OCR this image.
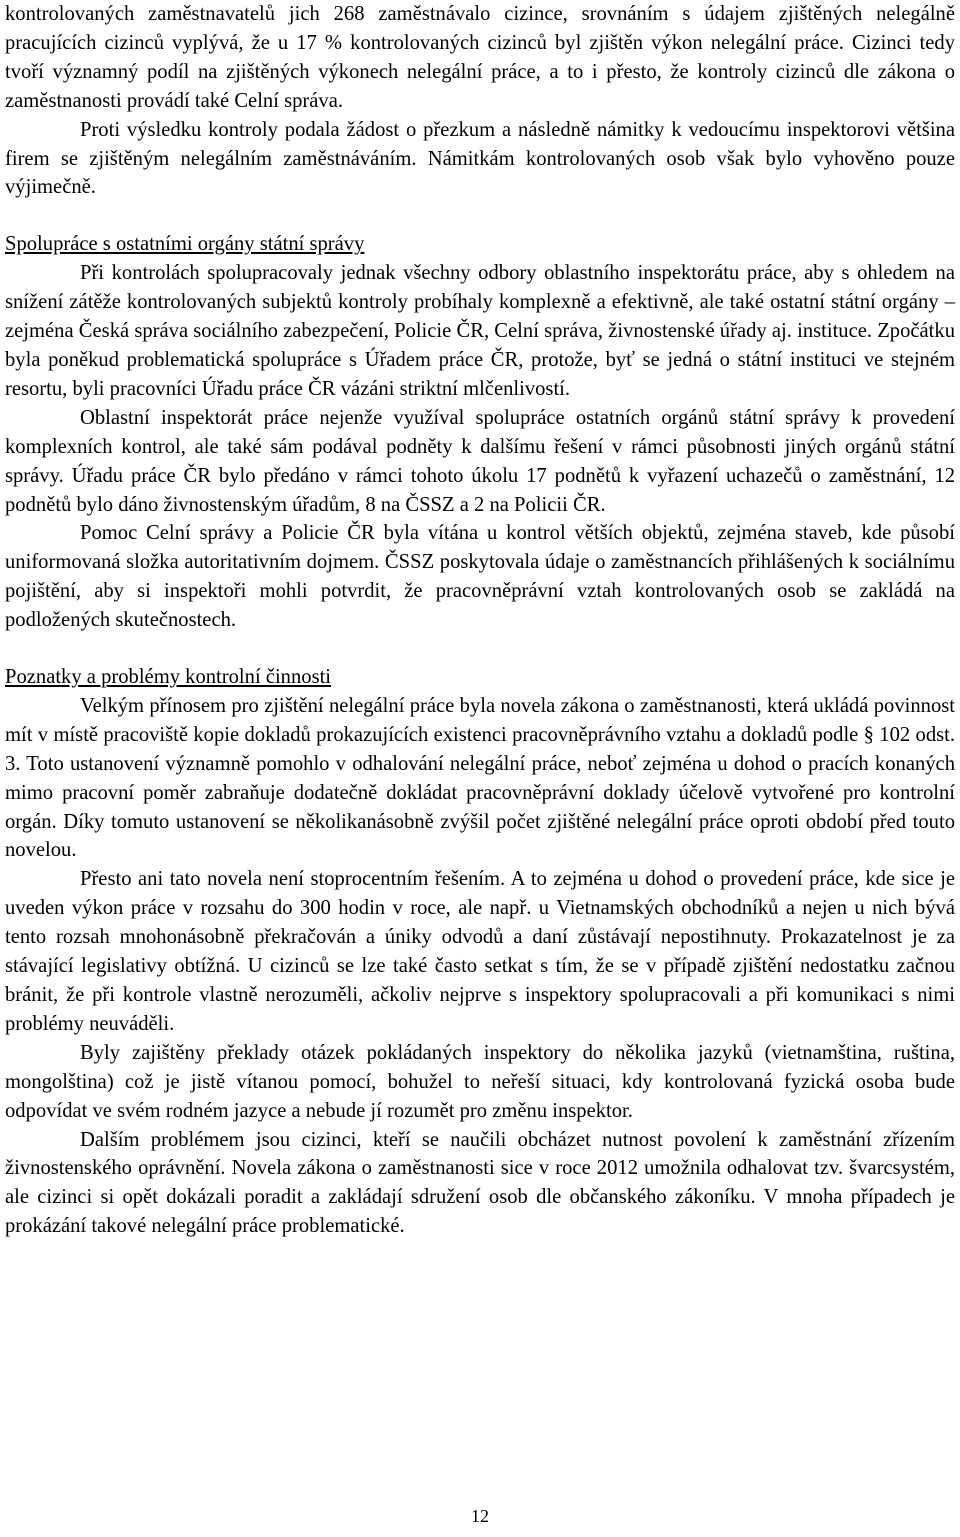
kontrolovaných zaměstnavatelů jich 268 zaměstnávalo cizince, srovnáním s údajem zjištěných nelegálně pracujících cizinců vyplývá, že u 17 % kontrolovaných cizinců byl zjištěn výkon nelegální práce. Cizinci tedy tvoří významný podíl na zjištěných výkonech nelegální práce, a to i přesto, že kontroly cizinců dle zákona o zaměstnanosti provádí také Celní správa.

Proti výsledku kontroly podala žádost o přezkum a následně námitky k vedoucímu inspektorovi většina firem se zjištěným nelegálním zaměstnáváním. Námitkám kontrolovaných osob však bylo vyhověno pouze výjimečně.

Spolupráce s ostatními orgány státní správy

Při kontrolách spolupracovaly jednak všechny odbory oblastního inspektorátu práce, aby s ohledem na snížení zátěže kontrolovaných subjektů kontroly probíhaly komplexně a efektivně, ale také ostatní státní orgány – zejména Česká správa sociálního zabezpečení, Policie ČR, Celní správa, živnostenské úřady aj. instituce. Zpočátku byla poněkud problematická spolupráce s Úřadem práce ČR, protože, byť se jedná o státní instituci ve stejném resortu, byli pracovníci Úřadu práce ČR vázáni striktní mlčenlivostí.

Oblastní inspektorát práce nejenže využíval spolupráce ostatních orgánů státní správy k provedení komplexních kontrol, ale také sám podával podněty k dalšímu řešení v rámci působnosti jiných orgánů státní správy. Úřadu práce ČR bylo předáno v rámci tohoto úkolu 17 podnětů k vyřazení uchazečů o zaměstnání, 12 podnětů bylo dáno živnostenským úřadům, 8 na ČSSZ a 2 na Policii ČR.

Pomoc Celní správy a Policie ČR byla vítána u kontrol větších objektů, zejména staveb, kde působí uniformovaná složka autoritativním dojmem. ČSSZ poskytovala údaje o zaměstnancích přihlášených k sociálnímu pojištění, aby si inspektoři mohli potvrdit, že pracovněprávní vztah kontrolovaných osob se zakládá na podložených skutečnostech.

Poznatky a problémy kontrolní činnosti

Velkým přínosem pro zjištění nelegální práce byla novela zákona o zaměstnanosti, která ukládá povinnost mít v místě pracoviště kopie dokladů prokazujících existenci pracovněprávního vztahu a dokladů podle § 102 odst. 3. Toto ustanovení významně pomohlo v odhalování nelegální práce, neboť zejména u dohod o pracích konaných mimo pracovní poměr zabraňuje dodatečně dokládat pracovněprávní doklady účelově vytvořené pro kontrolní orgán. Díky tomuto ustanovení se několikanásobně zvýšil počet zjištěné nelegální práce oproti období před touto novelou.

Přesto ani tato novela není stoprocentním řešením. A to zejména u dohod o provedení práce, kde sice je uveden výkon práce v rozsahu do 300 hodin v roce, ale např. u Vietnamských obchodníků a nejen u nich bývá tento rozsah mnohonásobně překračován a úniky odvodů a daní zůstávají nepostihnuty. Prokazatelnost je za stávající legislativy obtížná. U cizinců se lze také často setkat s tím, že se v případě zjištění nedostatku začnou bránit, že při kontrole vlastně nerozuměli, ačkoliv nejprve s inspektory spolupracovali a při komunikaci s nimi problémy neuváděli.

Byly zajištěny překlady otázek pokládaných inspektory do několika jazyků (vietnamština, ruština, mongolština) což je jistě vítanou pomocí, bohužel to neřeší situaci, kdy kontrolovaná fyzická osoba bude odpovídat ve svém rodném jazyce a nebude jí rozumět pro změnu inspektor.

Dalším problémem jsou cizinci, kteří se naučili obcházet nutnost povolení k zaměstnání zřízením živnostenského oprávnění. Novela zákona o zaměstnanosti sice v roce 2012 umožnila odhalovat tzv. švarcsystém, ale cizinci si opět dokázali poradit a zakládají sdružení osob dle občanského zákoníku. V mnoha případech je prokázání takové nelegální práce problematické.

12
